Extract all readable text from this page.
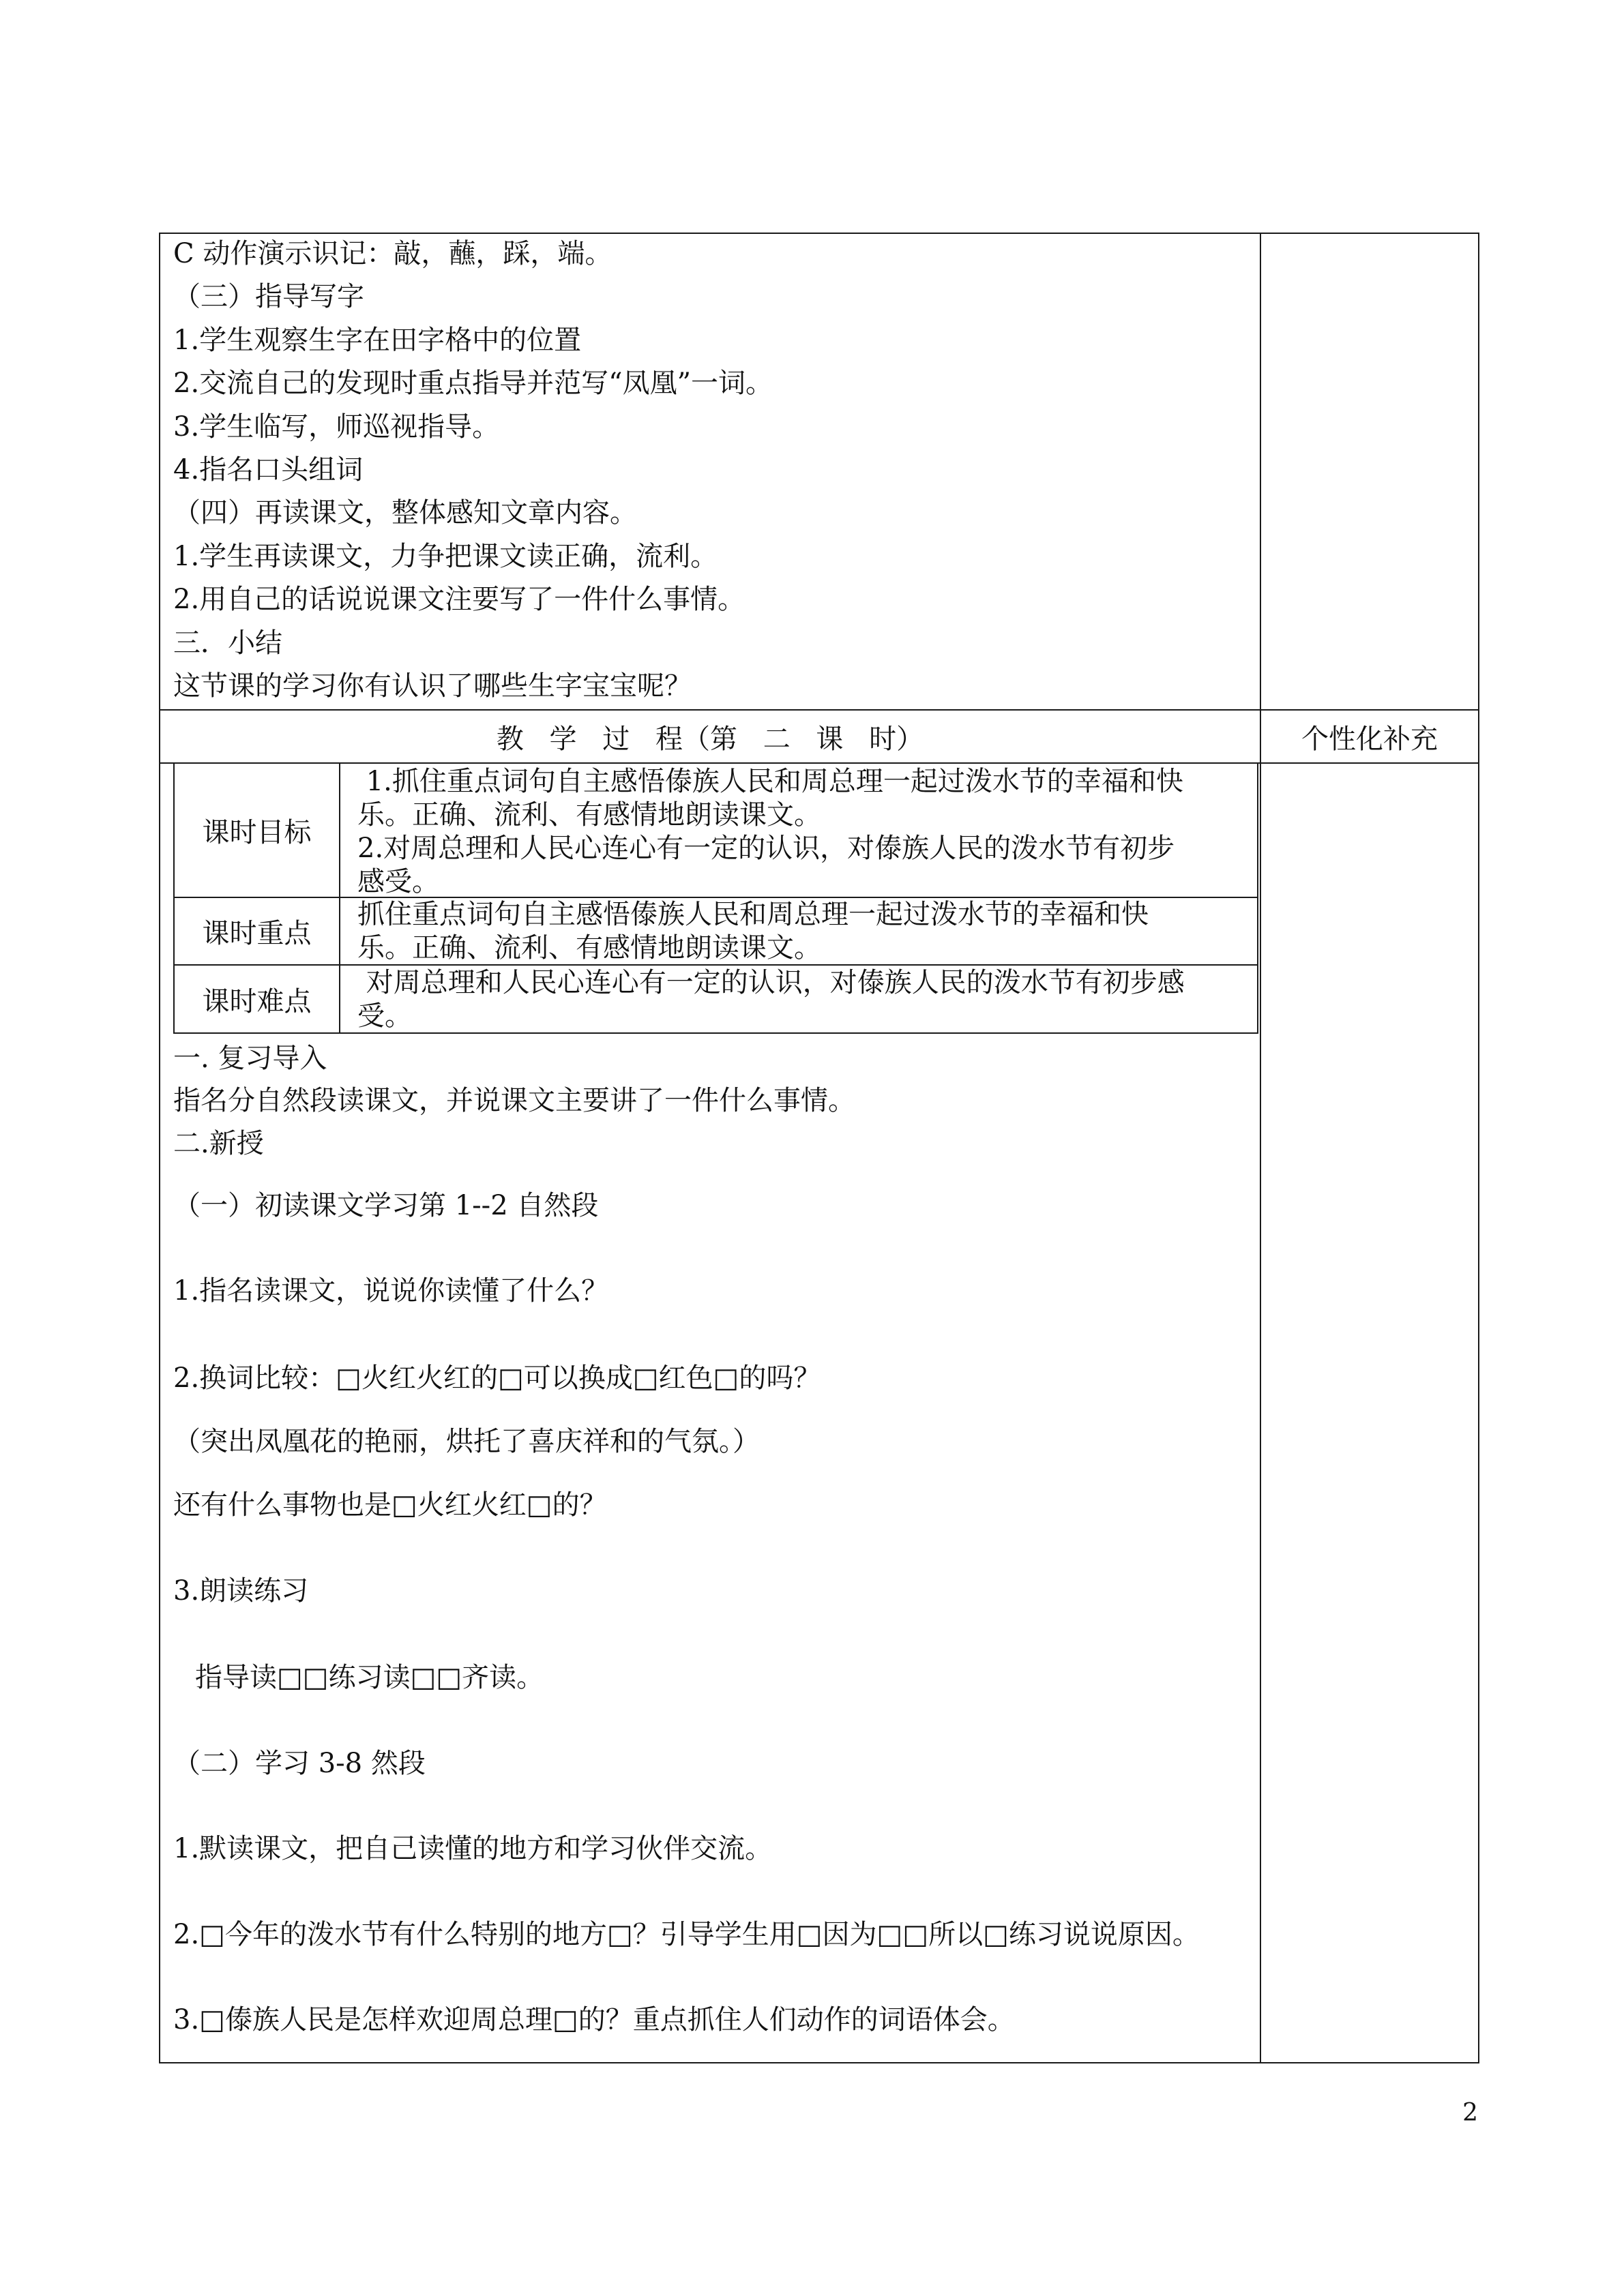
C 动作演示识记：敲，蘸，踩，端。
（三）指导写字
1.学生观察生字在田字格中的位置
2.交流自己的发现时重点指导并范写“凤凰”一词。
3.学生临写，师巡视指导。
4.指名口头组词
（四）再读课文，整体感知文章内容。
1.学生再读课文，力争把课文读正确，流利。
2.用自己的话说说课文注要写了一件什么事情。
三．小结
这节课的学习你有认识了哪些生字宝宝呢？
教 学 过 程（第 二 课 时）	个性化补充
课时目标
1.抓住重点词句自主感悟傣族人民和周总理一起过泼水节的幸福和快
乐。正确、流利、有感情地朗读课文。
2.对周总理和人民心连心有一定的认识，对傣族人民的泼水节有初步
感受。
课时重点
抓住重点词句自主感悟傣族人民和周总理一起过泼水节的幸福和快
乐。正确、流利、有感情地朗读课文。
课时难点
对周总理和人民心连心有一定的认识，对傣族人民的泼水节有初步感
受。
一. 复习导入
指名分自然段读课文，并说课文主要讲了一件什么事情。
二.新授
（一）初读课文学习第 1--2 自然段
1.指名读课文，说说你读懂了什么？
2.换词比较：□火红火红的□可以换成□红色□的吗？
（突出凤凰花的艳丽，烘托了喜庆祥和的气氛。）
还有什么事物也是□火红火红□的？
3.朗读练习
指导读□□练习读□□齐读。
（二）学习 3-8 然段
1.默读课文，把自己读懂的地方和学习伙伴交流。
2.□今年的泼水节有什么特别的地方□？引导学生用□因为□□所以□练习说说原因。
3.□傣族人民是怎样欢迎周总理□的？重点抓住人们动作的词语体会。
2
